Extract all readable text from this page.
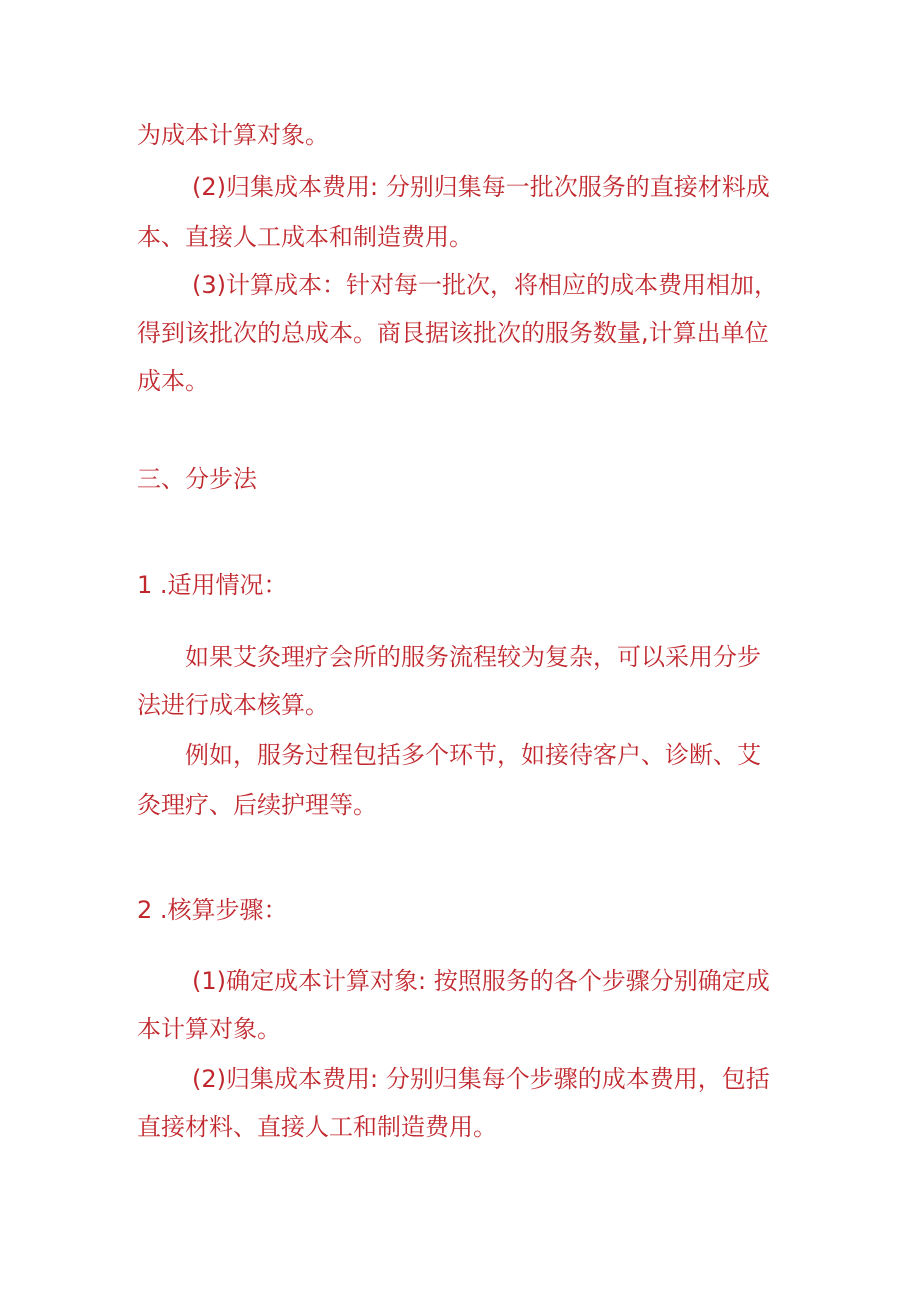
为成本计算对象。
(2)归集成本费用: 分别归集每一批次服务的直接材料成
本、直接人工成本和制造费用。
(3)计算成本：针对每一批次，将相应的成本费用相加，
得到该批次的总成本。商艮据该批次的服务数量,计算出单位
成本。
三、分步法
1 .适用情况：
如果艾灸理疗会所的服务流程较为复杂，可以采用分步
法进行成本核算。
例如，服务过程包括多个环节，如接待客户、诊断、艾
灸理疗、后续护理等。
2 .核算步骤：
(1)确定成本计算对象: 按照服务的各个步骤分别确定成
本计算对象。
(2)归集成本费用: 分别归集每个步骤的成本费用，包括
直接材料、直接人工和制造费用。
